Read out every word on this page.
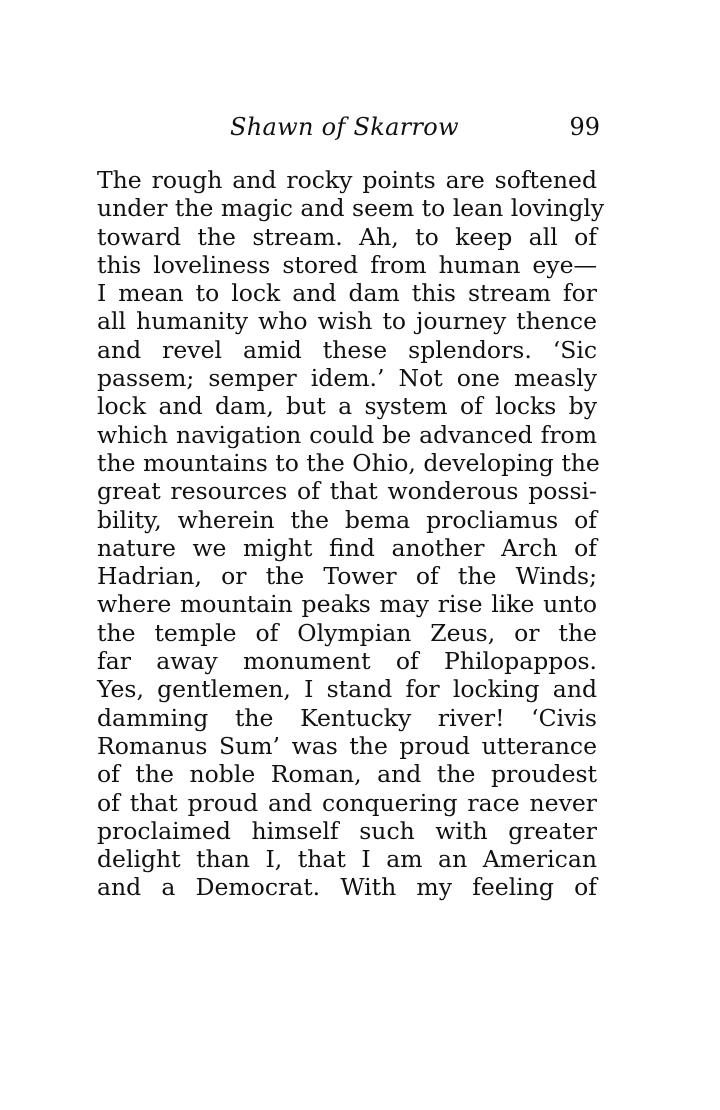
Shawn of Skarrow	99
The rough and rocky points are softened
under the magic and seem to lean lovingly
toward the stream. Ah, to keep all of
this loveliness stored from human eye—
I mean to lock and dam this stream for
all humanity who wish to journey thence
and revel amid these splendors. ‘Sic
passem; semper idem.’ Not one measly
lock and dam, but a system of locks by
which navigation could be advanced from
the mountains to the Ohio, developing the
great resources of that wonderous possi-
bility, wherein the bema procliamus of
nature we might find another Arch of
Hadrian, or the Tower of the Winds;
where mountain peaks may rise like unto
the temple of Olympian Zeus, or the
far away monument of Philopappos.
Yes, gentlemen, I stand for locking and
damming the Kentucky river! ‘Civis
Romanus Sum’ was the proud utterance
of the noble Roman, and the proudest
of that proud and conquering race never
proclaimed himself such with greater
delight than I, that I am an American
and a Democrat. With my feeling of
